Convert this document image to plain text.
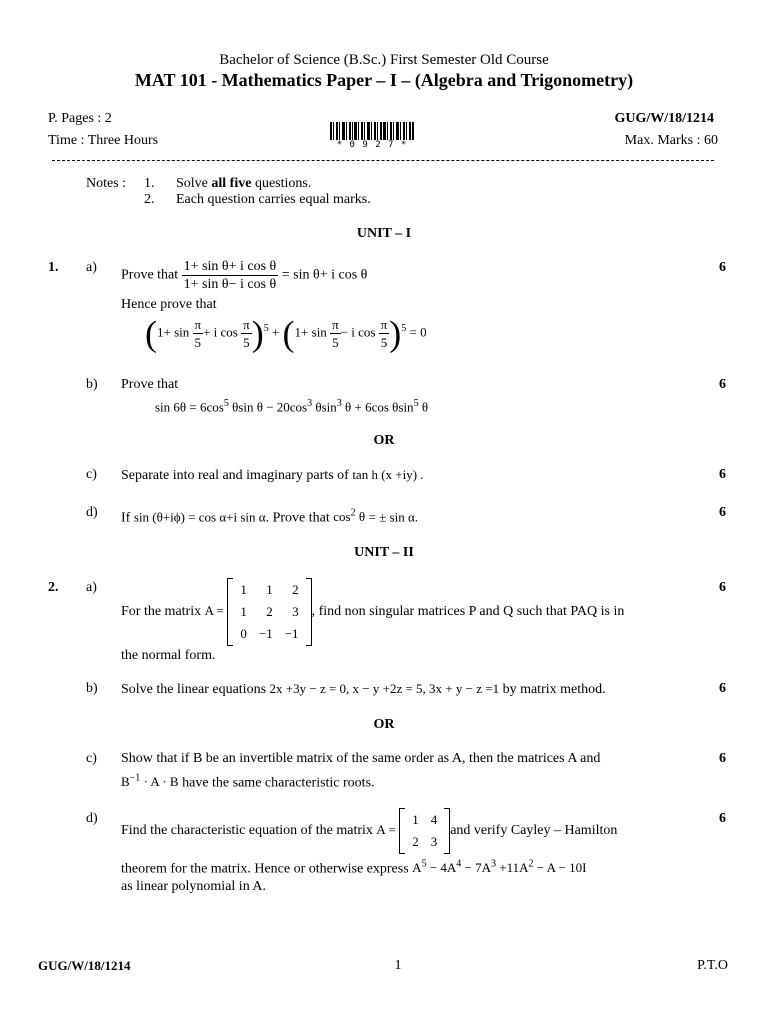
Bachelor of Science (B.Sc.) First Semester Old Course
MAT 101 - Mathematics Paper – I – (Algebra and Trigonometry)
P. Pages : 2
Time : Three Hours
GUG/W/18/1214
Max. Marks : 60
* 0 9 2 7 *
Notes : 1. Solve all five questions.
2. Each question carries equal marks.
UNIT – I
1. a)	6
Prove that $\frac{\text{1+ sin θ+ i cos θ}}{\text{1+ sin θ− i cos θ}} = \sin \theta+ i$ cos θ
Hence prove that
($1+ \sin \frac{\pi}{5} + i$ $\cos \frac{\pi}{5} )^5 + (1+ \sin \frac{\pi}{5} - i$ $\cos \frac{\pi}{5} )^5 = 0$
b) Prove that	6
$\sin 6\theta = 6\cos^5$ θsin $\theta - 20\cos^3$ θsin$^3$ θ + 6cos θsin$^5$ θ
OR
c) Separate into real and imaginary parts of tan h (x +iy) .	6
d) If sin (θ+iϕ) = cos α+i sin α. Prove that $\cos^2 \theta$ = ± sin α.	6
UNIT – II
2. a)	6
For the matrix A =
1	1	2
1	2	3
0	−1	−1
, find non singular matrices P and Q such that PAQ is in
the normal form.
b) Solve the linear equations 2x +3y − z = 0, x − y +2z = 5, 3x + y − z =1 by matrix method.	6
OR
c) Show that if B be an invertible matrix of the same order as A, then the matrices A and	6
$B^{-1} \cdot A \cdot B$ have the same characteristic roots.
d)	6
Find the characteristic equation of the matrix A =
1	4
2	3
and verify Cayley – Hamilton
theorem for the matrix. Hence or otherwise express $A^5 - 4A^4 - 7A^3 +11A^2 - A - 10I$
as linear polynomial in A.
GUG/W/18/1214	1	P.T.O
